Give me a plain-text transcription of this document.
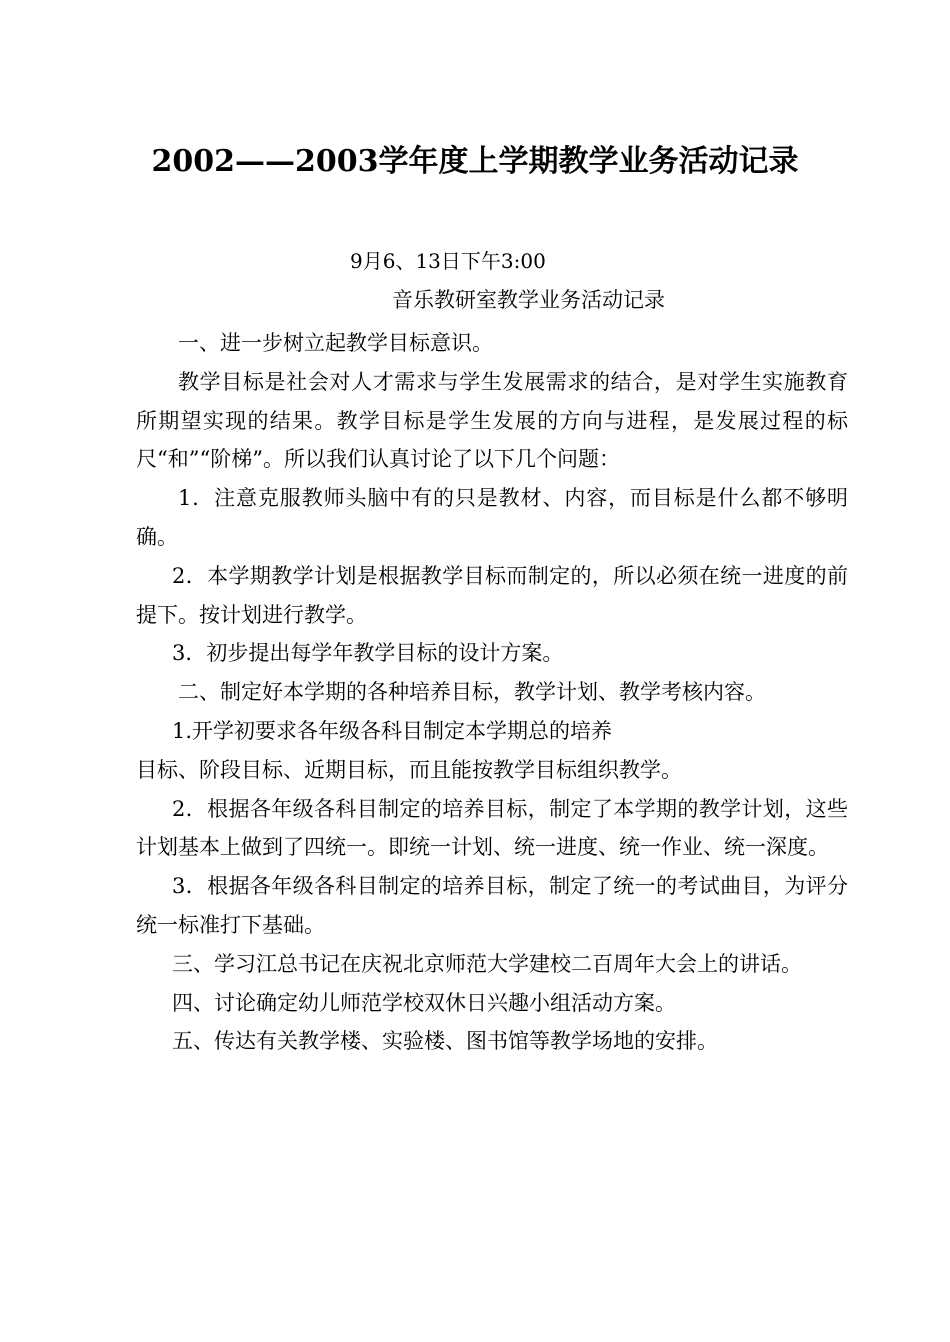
2002——2003学年度上学期教学业务活动记录
9月6、13日下午3:00
音乐教研室教学业务活动记录

一、进一步树立起教学目标意识。

教学目标是社会对人才需求与学生发展需求的结合，是对学生实施教育所期望实现的结果。教学目标是学生发展的方向与进程，是发展过程的标尺“和”“阶梯”。所以我们认真讨论了以下几个问题：

1．注意克服教师头脑中有的只是教材、内容，而目标是什么都不够明确。

2．本学期教学计划是根据教学目标而制定的，所以必须在统一进度的前提下。按计划进行教学。

3．初步提出每学年教学目标的设计方案。

二、制定好本学期的各种培养目标，教学计划、教学考核内容。

1.开学初要求各年级各科目制定本学期总的培养

目标、阶段目标、近期目标，而且能按教学目标组织教学。

2．根据各年级各科目制定的培养目标，制定了本学期的教学计划，这些计划基本上做到了四统一。即统一计划、统一进度、统一作业、统一深度。

3．根据各年级各科目制定的培养目标，制定了统一的考试曲目，为评分统一标准打下基础。

三、学习江总书记在庆祝北京师范大学建校二百周年大会上的讲话。

四、讨论确定幼儿师范学校双休日兴趣小组活动方案。

五、传达有关教学楼、实验楼、图书馆等教学场地的安排。
